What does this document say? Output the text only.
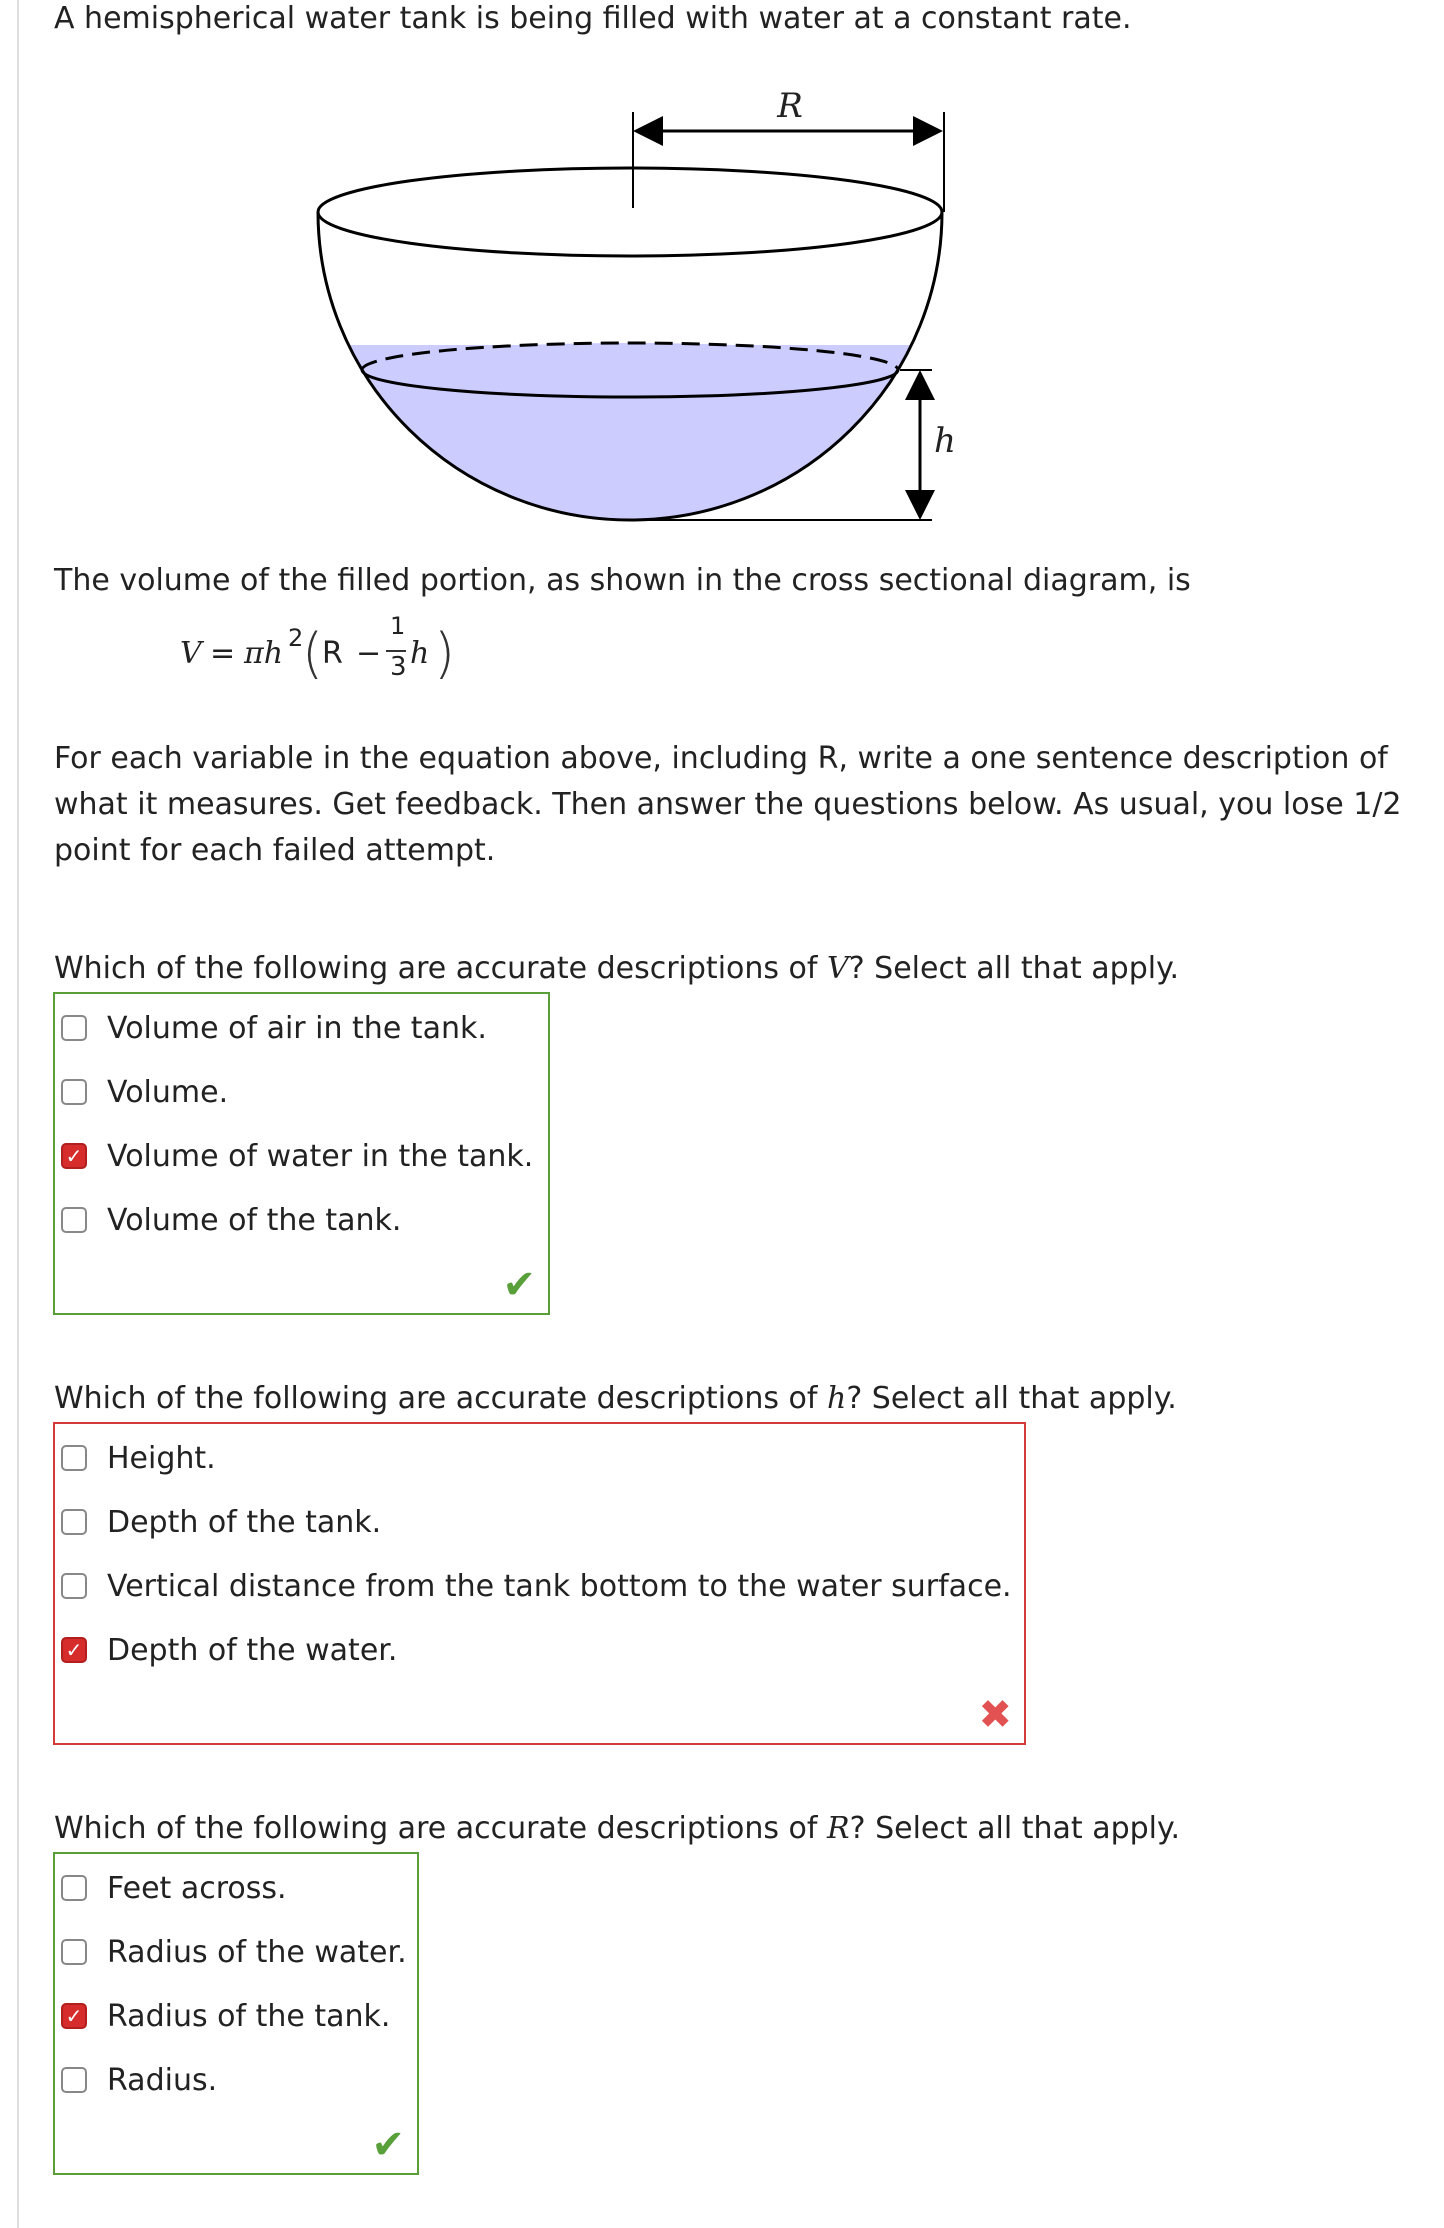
A hemispherical water tank is being filled with water at a constant rate.

R
h

The volume of the filled portion, as shown in the cross sectional diagram, is

V = πh 2
(
R −
1
3 h )

For each variable in the equation above, including R, write a one sentence description of

what it measures. Get feedback. Then answer the questions below. As usual, you lose 1/2

point for each failed attempt.

Which of the following are accurate descriptions of V? Select all that apply.

Volume of air in the tank.
Volume.
✓ Volume of water in the tank.
Volume of the tank.
✔

Which of the following are accurate descriptions of h? Select all that apply.

Height.
Depth of the tank.
Vertical distance from the tank bottom to the water surface.
✓ Depth of the water.
✖

Which of the following are accurate descriptions of R? Select all that apply.

Feet across.
Radius of the water.
✓ Radius of the tank.
Radius.
✔
